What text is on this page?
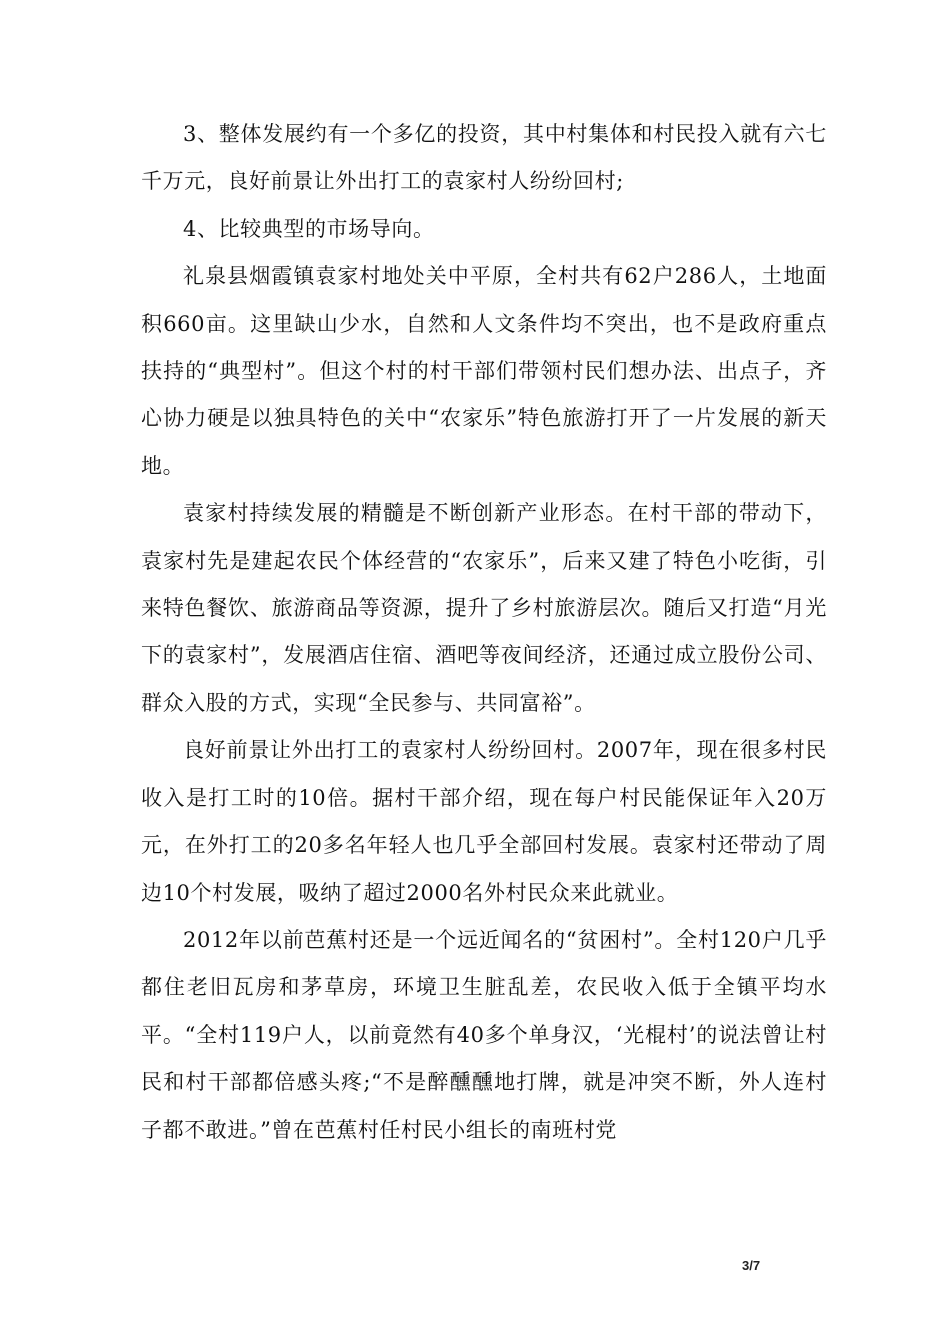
3、整体发展约有一个多亿的投资，其中村集体和村民投入就有六七千万元，良好前景让外出打工的袁家村人纷纷回村;

4、比较典型的市场导向。

礼泉县烟霞镇袁家村地处关中平原，全村共有62户286人，土地面积660亩。这里缺山少水，自然和人文条件均不突出，也不是政府重点扶持的“典型村”。但这个村的村干部们带领村民们想办法、出点子，齐心协力硬是以独具特色的关中“农家乐”特色旅游打开了一片发展的新天地。

袁家村持续发展的精髓是不断创新产业形态。在村干部的带动下，袁家村先是建起农民个体经营的“农家乐”，后来又建了特色小吃街，引来特色餐饮、旅游商品等资源，提升了乡村旅游层次。随后又打造“月光下的袁家村”，发展酒店住宿、酒吧等夜间经济，还通过成立股份公司、群众入股的方式，实现“全民参与、共同富裕”。

良好前景让外出打工的袁家村人纷纷回村。2007年，现在很多村民收入是打工时的10倍。据村干部介绍，现在每户村民能保证年入20万元，在外打工的20多名年轻人也几乎全部回村发展。袁家村还带动了周边10个村发展，吸纳了超过2000名外村民众来此就业。

2012年以前芭蕉村还是一个远近闻名的“贫困村”。全村120户几乎都住老旧瓦房和茅草房，环境卫生脏乱差，农民收入低于全镇平均水平。“全村119户人，以前竟然有40多个单身汉，‘光棍村’的说法曾让村民和村干部都倍感头疼;“不是醉醺醺地打牌，就是冲突不断，外人连村子都不敢进。”曾在芭蕉村任村民小组长的南班村党

3/7
